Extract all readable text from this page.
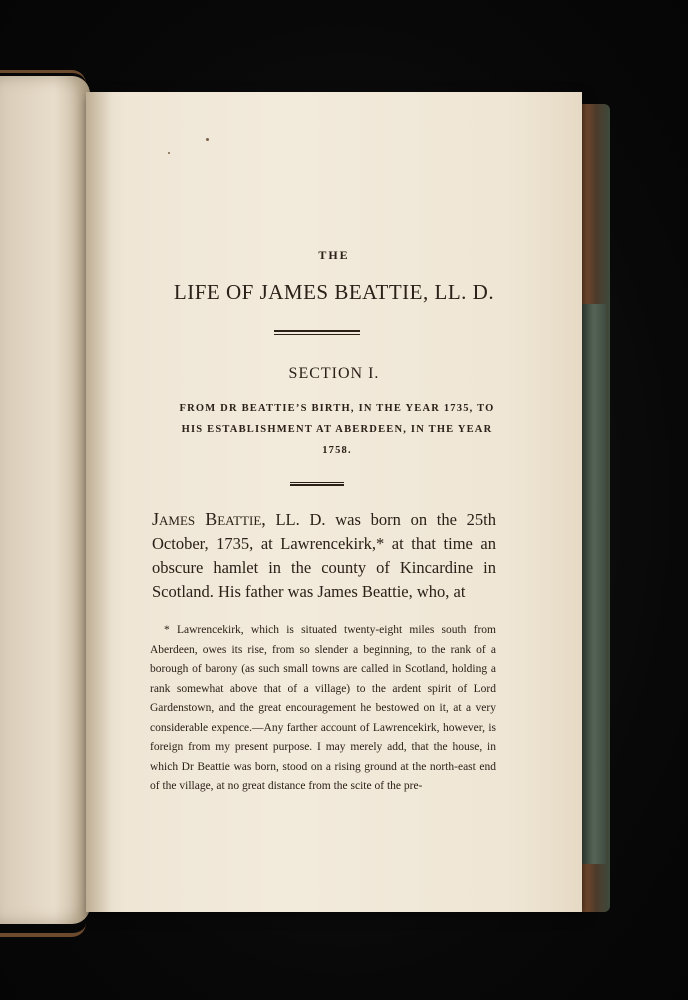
THE
LIFE OF JAMES BEATTIE, LL. D.
SECTION I.
FROM DR BEATTIE’S BIRTH, IN THE YEAR 1735, TO HIS ESTABLISHMENT AT ABERDEEN, IN THE YEAR 1758.
James Beattie, LL. D. was born on the 25th October, 1735, at Lawrencekirk,* at that time an obscure hamlet in the county of Kincardine in Scotland. His father was James Beattie, who, at

* Lawrencekirk, which is situated twenty-eight miles south from Aberdeen, owes its rise, from so slender a beginning, to the rank of a borough of barony (as such small towns are called in Scotland, holding a rank somewhat above that of a village) to the ardent spirit of Lord Gardenstown, and the great encouragement he bestowed on it, at a very considerable expence.—Any farther account of Lawrencekirk, however, is foreign from my present purpose. I may merely add, that the house, in which Dr Beattie was born, stood on a rising ground at the north-east end of the village, at no great distance from the scite of the pre-
